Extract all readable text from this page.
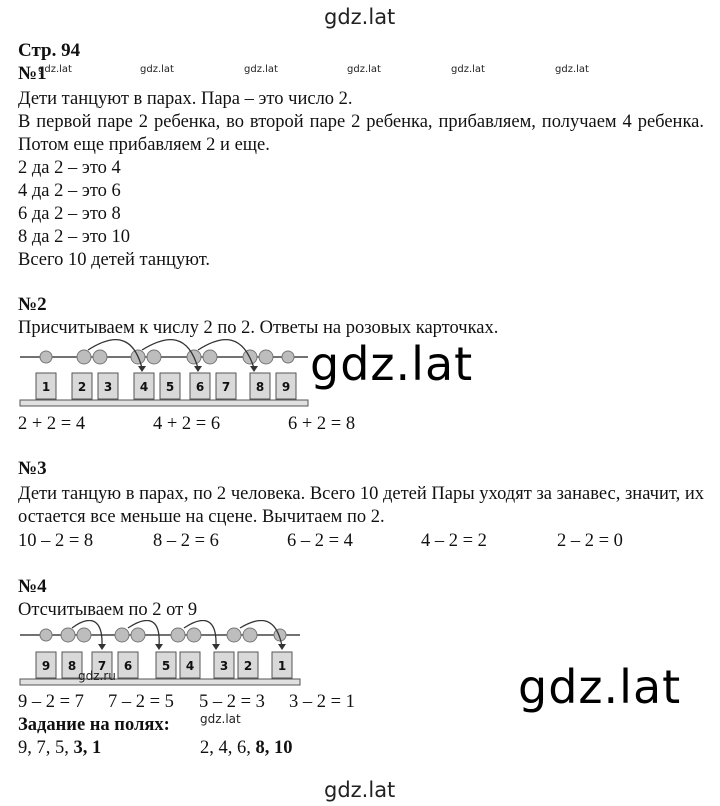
gdz.lat
Стр. 94
№1
gdz.lat	gdz.lat	gdz.lat	gdz.lat	gdz.lat	gdz.lat
Дети танцуют в парах. Пара – это число 2.
В первой паре 2 ребенка, во второй паре 2 ребенка, прибавляем, получаем 4 ребенка. Потом еще прибавляем 2 и еще.
2 да 2 – это 4
4 да 2 – это 6
6 да 2 – это 8
8 да 2 – это 10
Всего 10 детей танцуют.
№2
Присчитываем к числу 2 по 2. Ответы на розовых карточках.
1 2 3 4 5 6 7 8 9 gdz.lat
2 + 2 = 4	4 + 2 = 6	6 + 2 = 8
№3
Дети танцую в парах, по 2 человека. Всего 10 детей Пары уходят за занавес, значит, их остается все меньше на сцене. Вычитаем по 2.
10 – 2 = 8	8 – 2 = 6	6 – 2 = 4	4 – 2 = 2	2 – 2 = 0
№4
Отсчитываем по 2 от 9
9 8 7 6 5 4 3 2 1
gdz.ru	gdz.lat
9 – 2 = 7 7 – 2 = 5 5 – 2 = 3 3 – 2 = 1
Задание на полях:	gdz.lat
9, 7, 5, 3, 1	2, 4, 6, 8, 10
gdz.lat
